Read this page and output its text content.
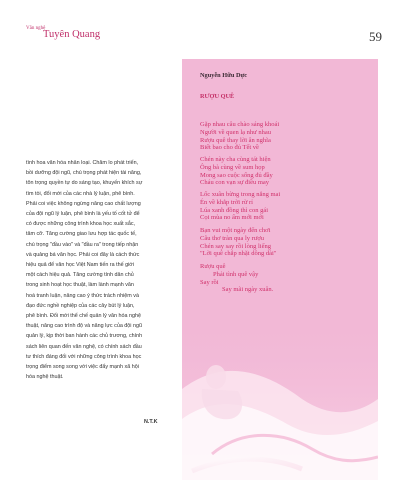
Văn nghệ
Tuyên Quang	59
tình hoa văn hóa nhân loại. Chăm lo phát triển,
bồi dưỡng đội ngũ, chú trọng phát hiện tài năng,
tôn trọng quyền tự do sáng tạo, khuyến khích sự
tìm tòi, đổi mới của các nhà lý luận, phê bình.
Phải coi việc không ngừng nâng cao chất lượng
của đội ngũ lý luận, phê bình là yếu tố cốt tử để
có được những công trình khoa học xuất sắc,
tâm cỡ. Tăng cường giao lưu hợp tác quốc tế,
chú trọng "đầu vào" và "đầu ra" trong tiếp nhận
và quảng bá văn học. Phải coi đây là cách thức
hiệu quả để văn học Việt Nam tiến ra thế giới
một cách hiệu quả. Tăng cường tính dân chủ
trong sinh hoạt học thuật, làm lành mạnh văn
hoá tranh luận, nâng cao ý thức trách nhiệm và
đạo đức nghề nghiệp của các cây bút lý luận,
phê bình. Đổi mới thể chế quản lý văn hóa nghệ
thuật, nâng cao trình độ và năng lực của đội ngũ
quản lý, kịp thời ban hành các chủ trương, chính
sách liên quan đến văn nghệ, có chính sách đầu
tư thích đáng đối với những công trình khoa học
trọng điểm song song với việc đẩy mạnh xã hội
hóa nghệ thuật.
N.T.K
Nguyễn Hữu Dực
RƯỢU QUÊ
Gặp nhau câu chào sáng khoái
Người về quen lạ như nhau
Rượu quê thay lời ân nghĩa
Biết bao cho đủ Tết về
Chén này cha cùng tát hiện
Ông bà cùng về sum họp
Mong sao cuộc sống đủ đầy
Cháu con vạn sự điều may
Lốc xuân bừng trong nắng mai
Én về khắp trời rừ rỉ
Lúa xanh đồng thì con gái
Cọi mùa no ấm mới mới
Bạn vui một ngày đến chơi
Câu thơ tràn qua ly rượu
Chén say say rồi lòng liếng
"Lời quê chắp nhặt dông dài"
Rượu quê
Phải tình quê vậy
Say rồi
Say mãi ngày xuân.
